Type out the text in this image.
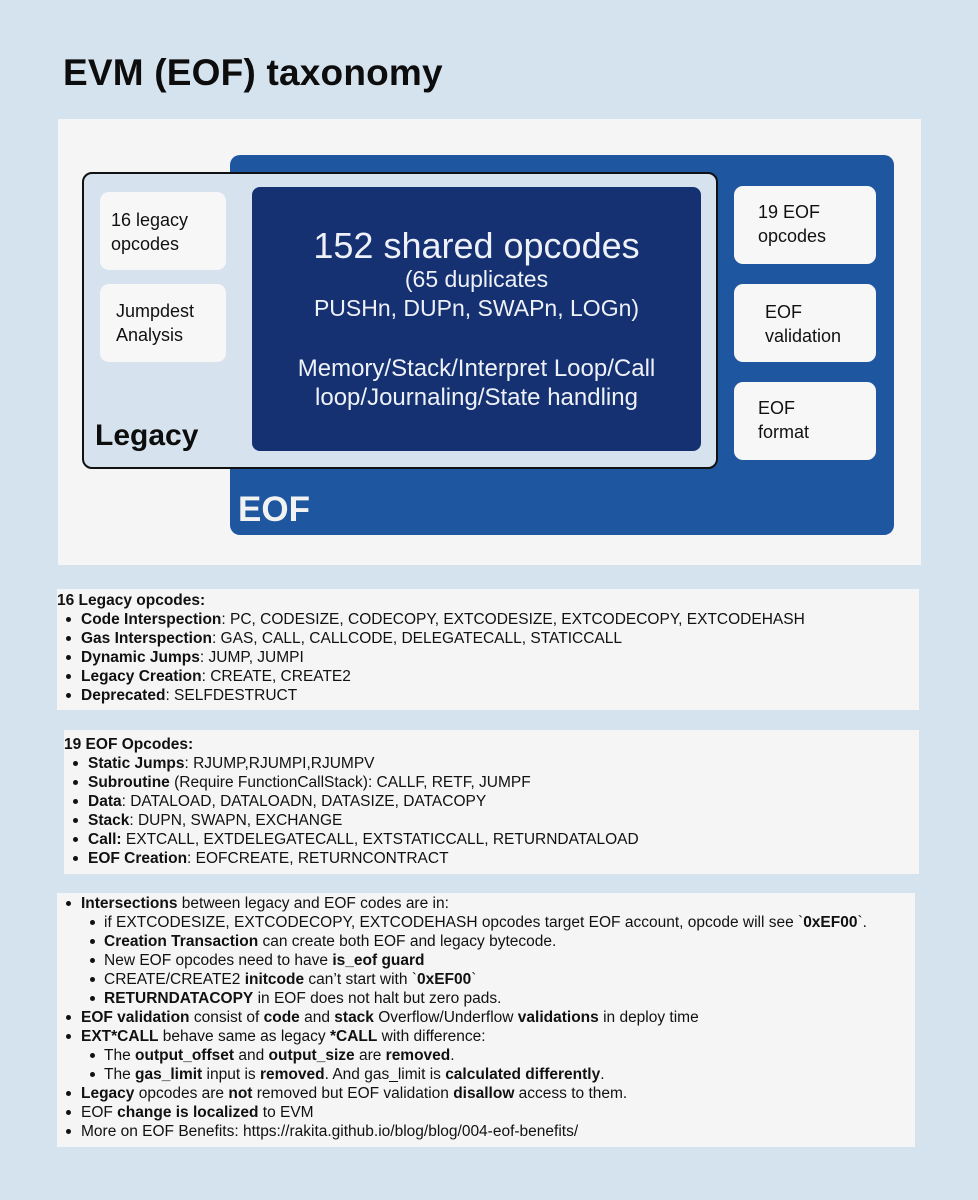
EVM (EOF) taxonomy
EOF
Legacy
152 shared opcodes
(65 duplicates
PUSHn, DUPn, SWAPn, LOGn)
Memory/Stack/Interpret Loop/Call
loop/Journaling/State handling
16 legacy
opcodes
Jumpdest
Analysis
19 EOF
opcodes
EOF
validation
EOF
format
16 Legacy opcodes:
Code Interspection: PC, CODESIZE, CODECOPY, EXTCODESIZE, EXTCODECOPY, EXTCODEHASH
Gas Interspection: GAS, CALL, CALLCODE, DELEGATECALL, STATICCALL
Dynamic Jumps: JUMP, JUMPI
Legacy Creation: CREATE, CREATE2
Deprecated: SELFDESTRUCT
19 EOF Opcodes:
Static Jumps: RJUMP,RJUMPI,RJUMPV
Subroutine (Require FunctionCallStack): CALLF, RETF, JUMPF
Data: DATALOAD, DATALOADN, DATASIZE, DATACOPY
Stack: DUPN, SWAPN, EXCHANGE
Call: EXTCALL, EXTDELEGATECALL, EXTSTATICCALL, RETURNDATALOAD
EOF Creation: EOFCREATE, RETURNCONTRACT
Intersections between legacy and EOF codes are in:
if EXTCODESIZE, EXTCODECOPY, EXTCODEHASH opcodes target EOF account, opcode will see `0xEF00`.
Creation Transaction can create both EOF and legacy bytecode.
New EOF opcodes need to have is_eof guard
CREATE/CREATE2 initcode can’t start with `0xEF00`
RETURNDATACOPY in EOF does not halt but zero pads.
EOF validation consist of code and stack Overflow/Underflow validations in deploy time
EXT*CALL behave same as legacy *CALL with difference:
The output_offset and output_size are removed.
The gas_limit input is removed. And gas_limit is calculated differently.
Legacy opcodes are not removed but EOF validation disallow access to them.
EOF change is localized to EVM
More on EOF Benefits: https://rakita.github.io/blog/blog/004-eof-benefits/
